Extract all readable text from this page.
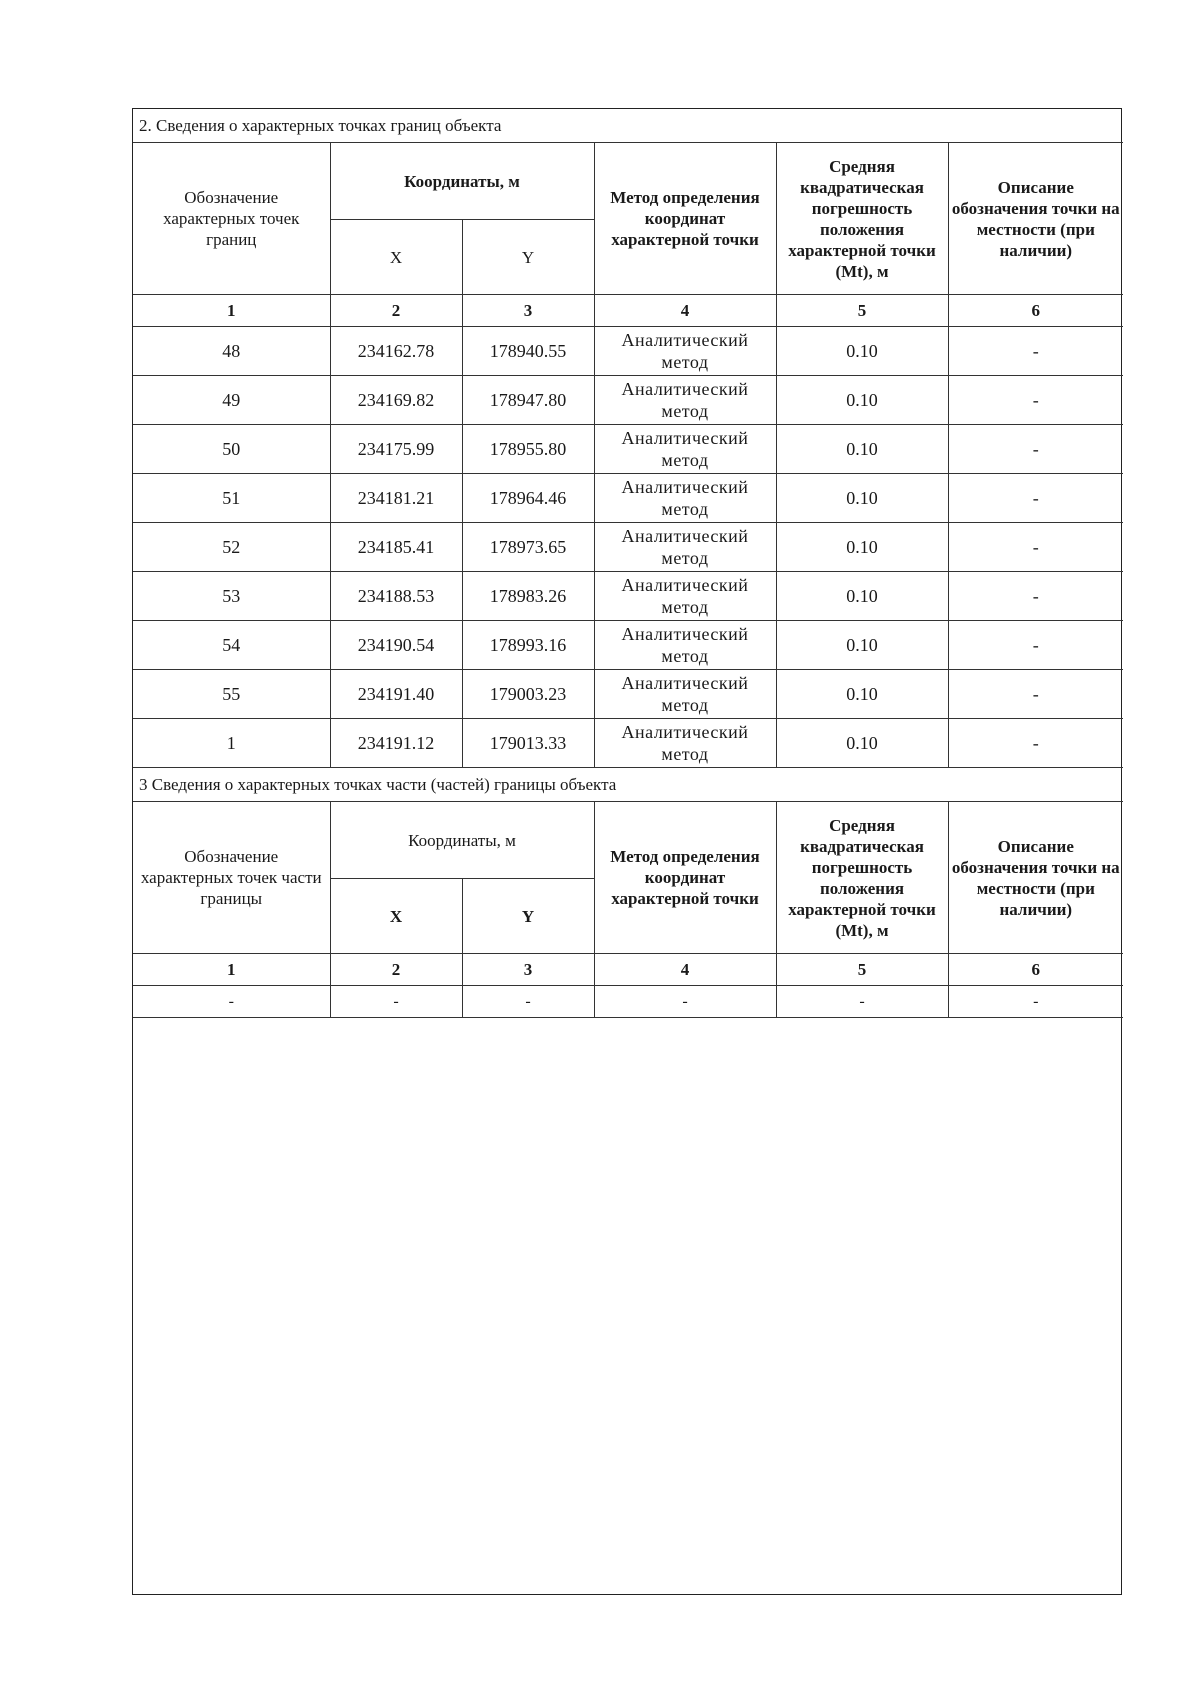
2. Сведения о характерных точках границ объекта					
Обозначение характерных точек границ	Координаты, м		Метод определения координат характерной точки	Средняя квадратическая погрешность положения характерной точки (Mt), м	Описание обозначения точки на местности (при наличии)
	X	Y			
1	2	3	4	5	6
48	234162.78	178940.55	Аналитический метод	0.10	-
49	234169.82	178947.80	Аналитический метод	0.10	-
50	234175.99	178955.80	Аналитический метод	0.10	-
51	234181.21	178964.46	Аналитический метод	0.10	-
52	234185.41	178973.65	Аналитический метод	0.10	-
53	234188.53	178983.26	Аналитический метод	0.10	-
54	234190.54	178993.16	Аналитический метод	0.10	-
55	234191.40	179003.23	Аналитический метод	0.10	-
1	234191.12	179013.33	Аналитический метод	0.10	-
3 Сведения о характерных точках части (частей) границы объекта					
Обозначение характерных точек части границы	Координаты, м		Метод определения координат характерной точки	Средняя квадратическая погрешность положения характерной точки (Mt), м	Описание обозначения точки на местности (при наличии)
	X	Y			
1	2	3	4	5	6
-	-	-	-	-	-
